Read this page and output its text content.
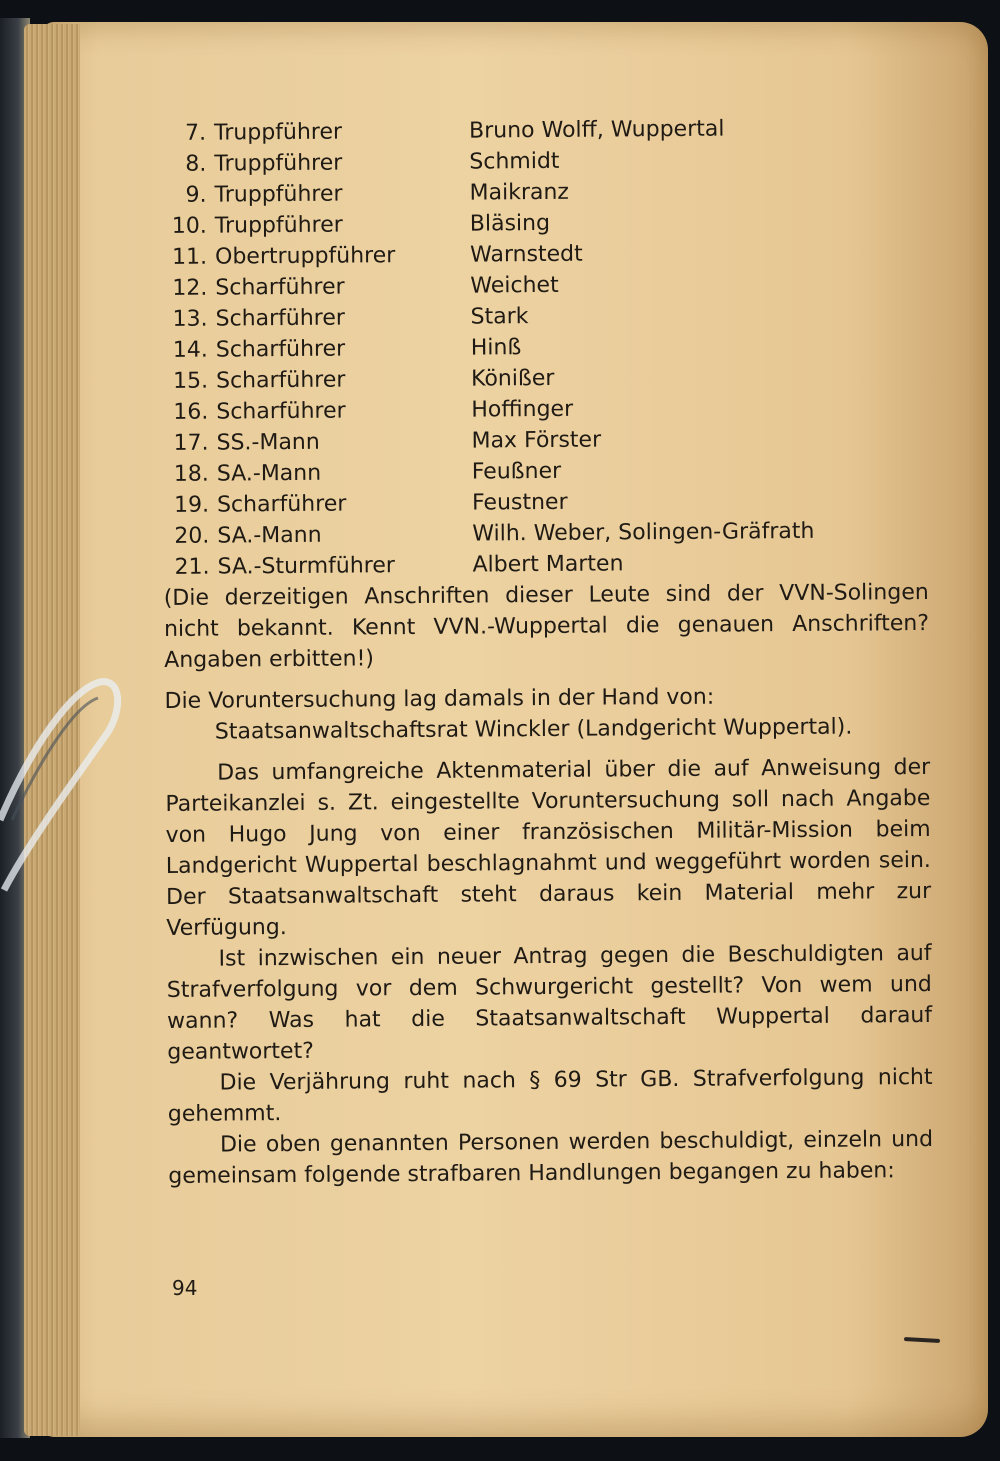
7. Truppführer	Bruno Wolff, Wuppertal
8. Truppführer	Schmidt
9. Truppführer	Maikranz
10. Truppführer	Bläsing
11. Obertruppführer	Warnstedt
12. Scharführer	Weichet
13. Scharführer	Stark
14. Scharführer	Hinß
15. Scharführer	Könißer
16. Scharführer	Hoffinger
17. SS.-Mann	Max Förster
18. SA.-Mann	Feußner
19. Scharführer	Feustner
20. SA.-Mann	Wilh. Weber, Solingen-Gräfrath
21. SA.-Sturmführer	Albert Marten

(Die derzeitigen Anschriften dieser Leute sind der VVN-Solingen nicht bekannt. Kennt VVN.-Wuppertal die genauen Anschriften? Angaben erbitten!)

Die Voruntersuchung lag damals in der Hand von:

Staatsanwaltschaftsrat Winckler (Landgericht Wuppertal).

Das umfangreiche Aktenmaterial über die auf Anweisung der Parteikanzlei s. Zt. eingestellte Voruntersuchung soll nach Angabe von Hugo Jung von einer französischen Militär-Mission beim Landgericht Wuppertal beschlagnahmt und weggeführt worden sein. Der Staatsanwaltschaft steht daraus kein Material mehr zur Verfügung.

Ist inzwischen ein neuer Antrag gegen die Beschuldigten auf Strafverfolgung vor dem Schwurgericht gestellt? Von wem und wann? Was hat die Staatsanwaltschaft Wuppertal darauf geantwortet?

Die Verjährung ruht nach § 69 Str GB. Strafverfolgung nicht gehemmt.

Die oben genannten Personen werden beschuldigt, einzeln und gemeinsam folgende strafbaren Handlungen begangen zu haben:

94
